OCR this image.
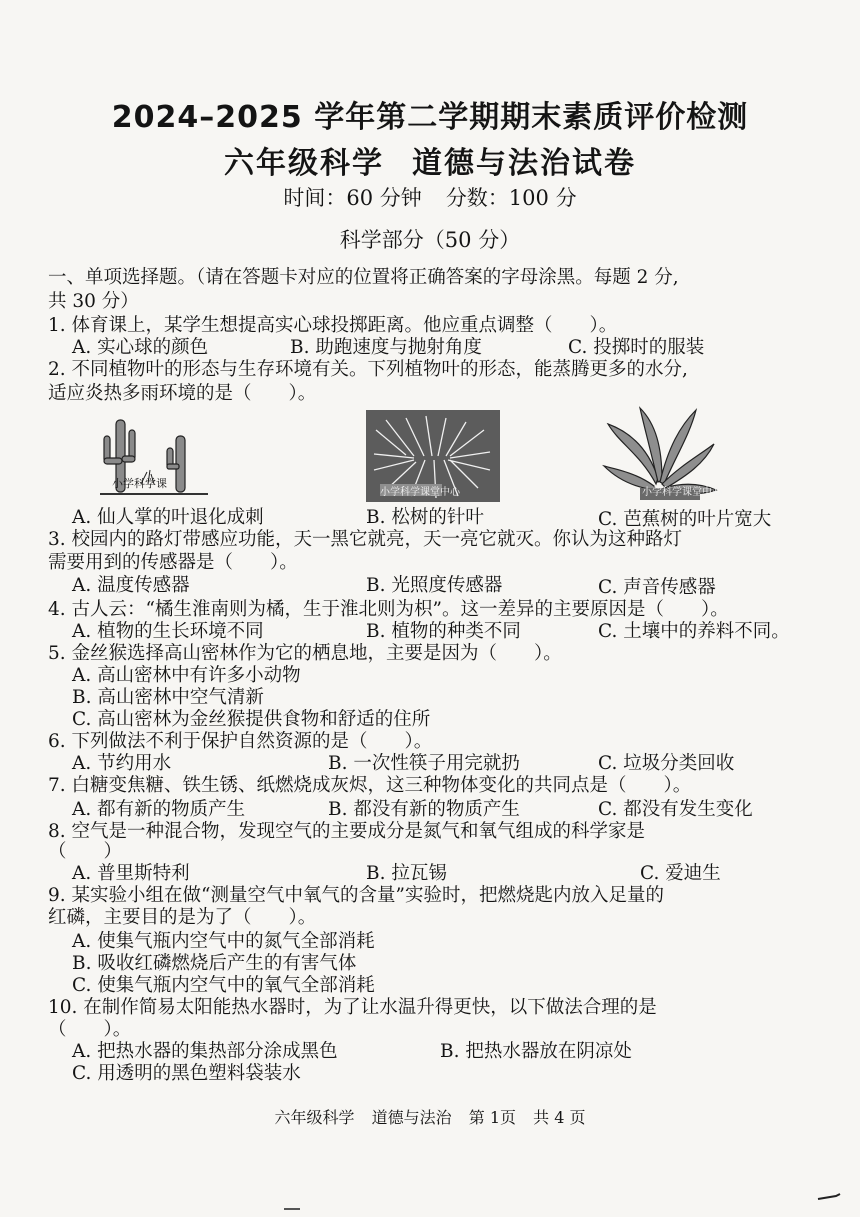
2024–2025 学年第二学期期末素质评价检测
六年级科学 道德与法治试卷
时间：60 分钟 分数：100 分
科学部分（50 分）
一、单项选择题。（请在答题卡对应的位置将正确答案的字母涂黑。每题 2 分,
共 30 分）
1. 体育课上，某学生想提高实心球投掷距离。他应重点调整（　　）。
A. 实心球的颜色	B. 助跑速度与抛射角度	C. 投掷时的服装
2. 不同植物叶的形态与生存环境有关。下列植物叶的形态，能蒸腾更多的水分,
适应炎热多雨环境的是（　　）。
小学科学课
小学科学课堂中心	小学科学课堂中心
A. 仙人掌的叶退化成刺	B. 松树的针叶	C. 芭蕉树的叶片宽大
3. 校园内的路灯带感应功能，天一黑它就亮，天一亮它就灭。你认为这种路灯
需要用到的传感器是（　　）。
A. 温度传感器	B. 光照度传感器	C. 声音传感器
4. 古人云：“橘生淮南则为橘，生于淮北则为枳”。这一差异的主要原因是（　　）。
A. 植物的生长环境不同	B. 植物的种类不同	C. 土壤中的养料不同。
5. 金丝猴选择高山密林作为它的栖息地，主要是因为（　　）。
A. 高山密林中有许多小动物
B. 高山密林中空气清新
C. 高山密林为金丝猴提供食物和舒适的住所
6. 下列做法不利于保护自然资源的是（　　）。
A. 节约用水	B. 一次性筷子用完就扔	C. 垃圾分类回收
7. 白糖变焦糖、铁生锈、纸燃烧成灰烬，这三种物体变化的共同点是（　　）。
A. 都有新的物质产生	B. 都没有新的物质产生	C. 都没有发生变化
8. 空气是一种混合物，发现空气的主要成分是氮气和氧气组成的科学家是
（　　）
A. 普里斯特利	B. 拉瓦锡	C. 爱迪生
9. 某实验小组在做“测量空气中氧气的含量”实验时，把燃烧匙内放入足量的
红磷，主要目的是为了（　　）。
A. 使集气瓶内空气中的氮气全部消耗
B. 吸收红磷燃烧后产生的有害气体
C. 使集气瓶内空气中的氧气全部消耗
10. 在制作简易太阳能热水器时，为了让水温升得更快，以下做法合理的是
（　　）。
A. 把热水器的集热部分涂成黑色	B. 把热水器放在阴凉处
C. 用透明的黑色塑料袋装水
六年级科学 道德与法治 第 1页 共 4 页
